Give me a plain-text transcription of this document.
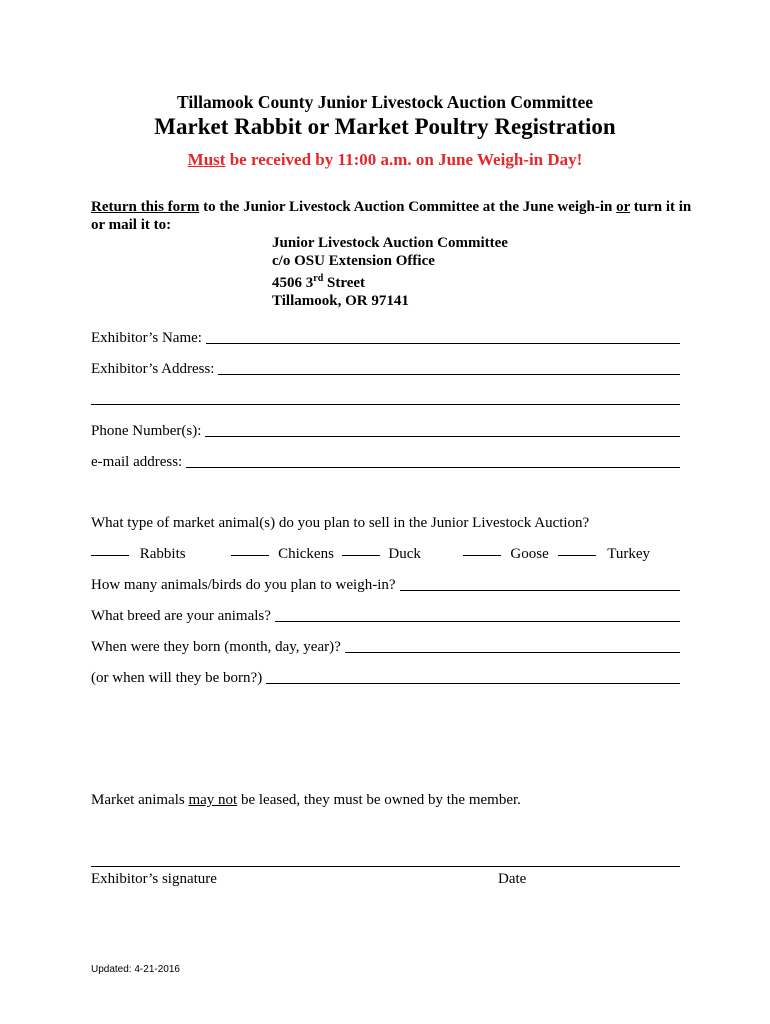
Tillamook County Junior Livestock Auction Committee
Market Rabbit or Market Poultry Registration
Must be received by 11:00 a.m. on June Weigh-in Day!
Return this form to the Junior Livestock Auction Committee at the June weigh-in or turn it in
or mail it to:
Junior Livestock Auction Committee
c/o OSU Extension Office
4506 3rd Street
Tillamook, OR 97141
Exhibitor’s Name:
Exhibitor’s Address:
Phone Number(s):
e-mail address:
What type of market animal(s) do you plan to sell in the Junior Livestock Auction?
Rabbits	Chickens	Duck	Goose	Turkey
How many animals/birds do you plan to weigh-in?
What breed are your animals?
When were they born (month, day, year)?
(or when will they be born?)
Market animals may not be leased, they must be owned by the member.
Exhibitor’s signature	Date
Updated: 4-21-2016
